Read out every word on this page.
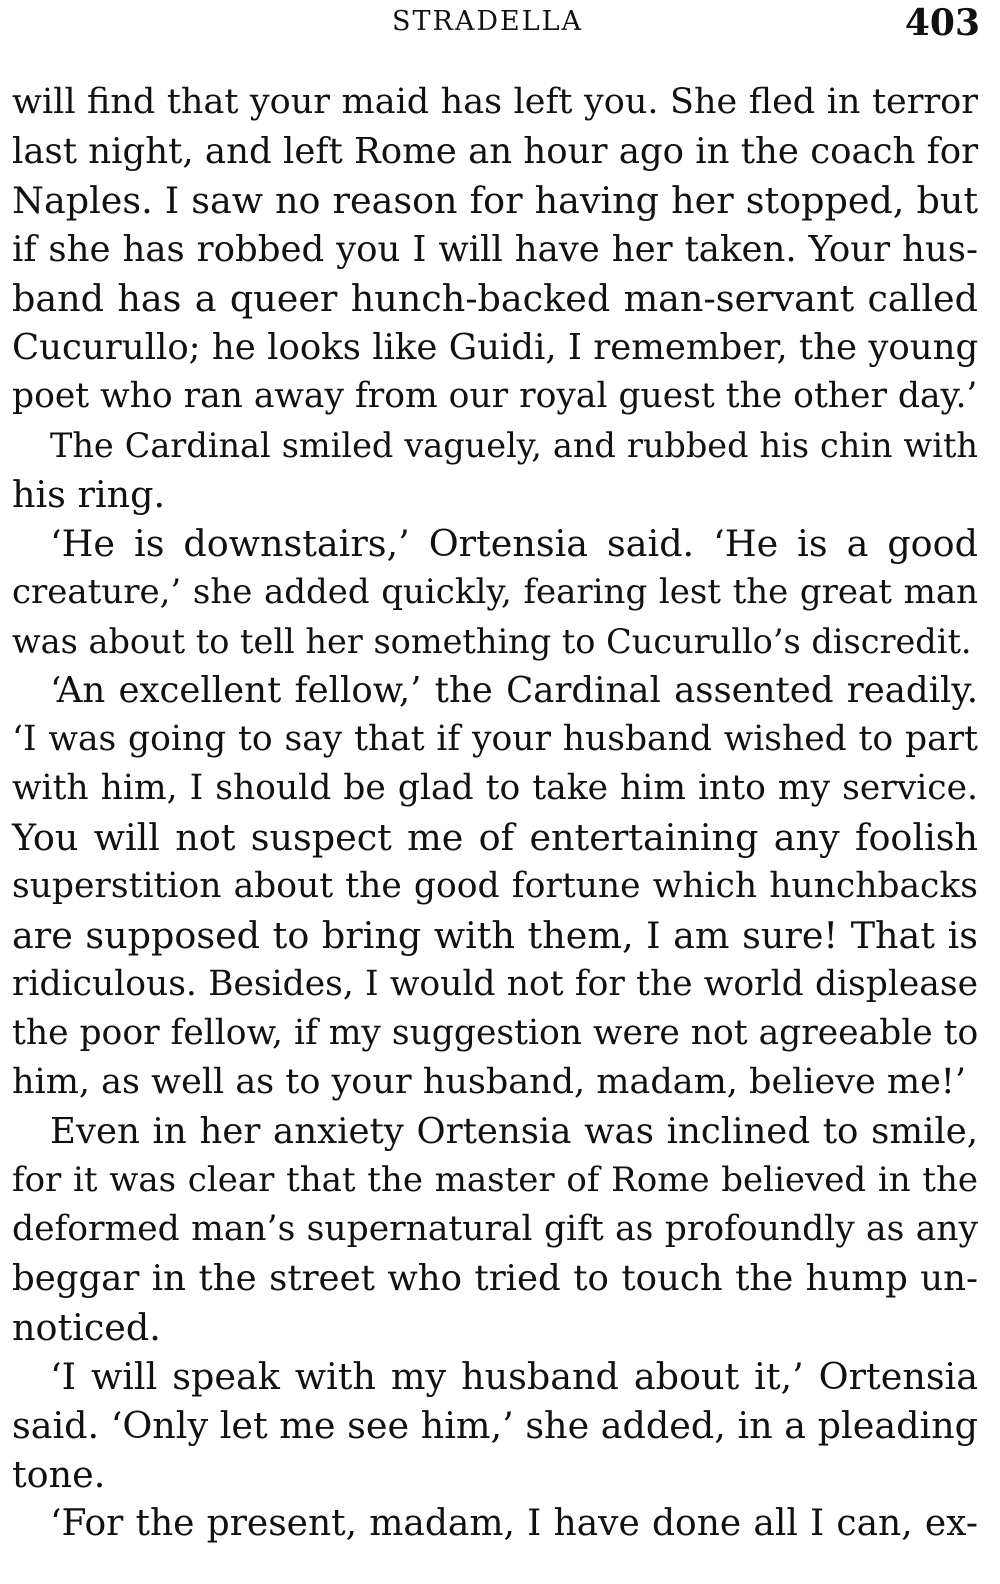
STRADELLA	403
will find that your maid has left you. She fled in terror
last night, and left Rome an hour ago in the coach for
Naples. I saw no reason for having her stopped, but
if she has robbed you I will have her taken. Your hus-
band has a queer hunch-backed man-servant called
Cucurullo; he looks like Guidi, I remember, the young
poet who ran away from our royal guest the other day.’
The Cardinal smiled vaguely, and rubbed his chin with
his ring.
‘He is downstairs,’ Ortensia said. ‘He is a good
creature,’ she added quickly, fearing lest the great man
was about to tell her something to Cucurullo’s discredit.
‘An excellent fellow,’ the Cardinal assented readily.
‘I was going to say that if your husband wished to part
with him, I should be glad to take him into my service.
You will not suspect me of entertaining any foolish
superstition about the good fortune which hunchbacks
are supposed to bring with them, I am sure! That is
ridiculous. Besides, I would not for the world displease
the poor fellow, if my suggestion were not agreeable to
him, as well as to your husband, madam, believe me!’
Even in her anxiety Ortensia was inclined to smile,
for it was clear that the master of Rome believed in the
deformed man’s supernatural gift as profoundly as any
beggar in the street who tried to touch the hump un-
noticed.
‘I will speak with my husband about it,’ Ortensia
said. ‘Only let me see him,’ she added, in a pleading
tone.
‘For the present, madam, I have done all I can, ex-
